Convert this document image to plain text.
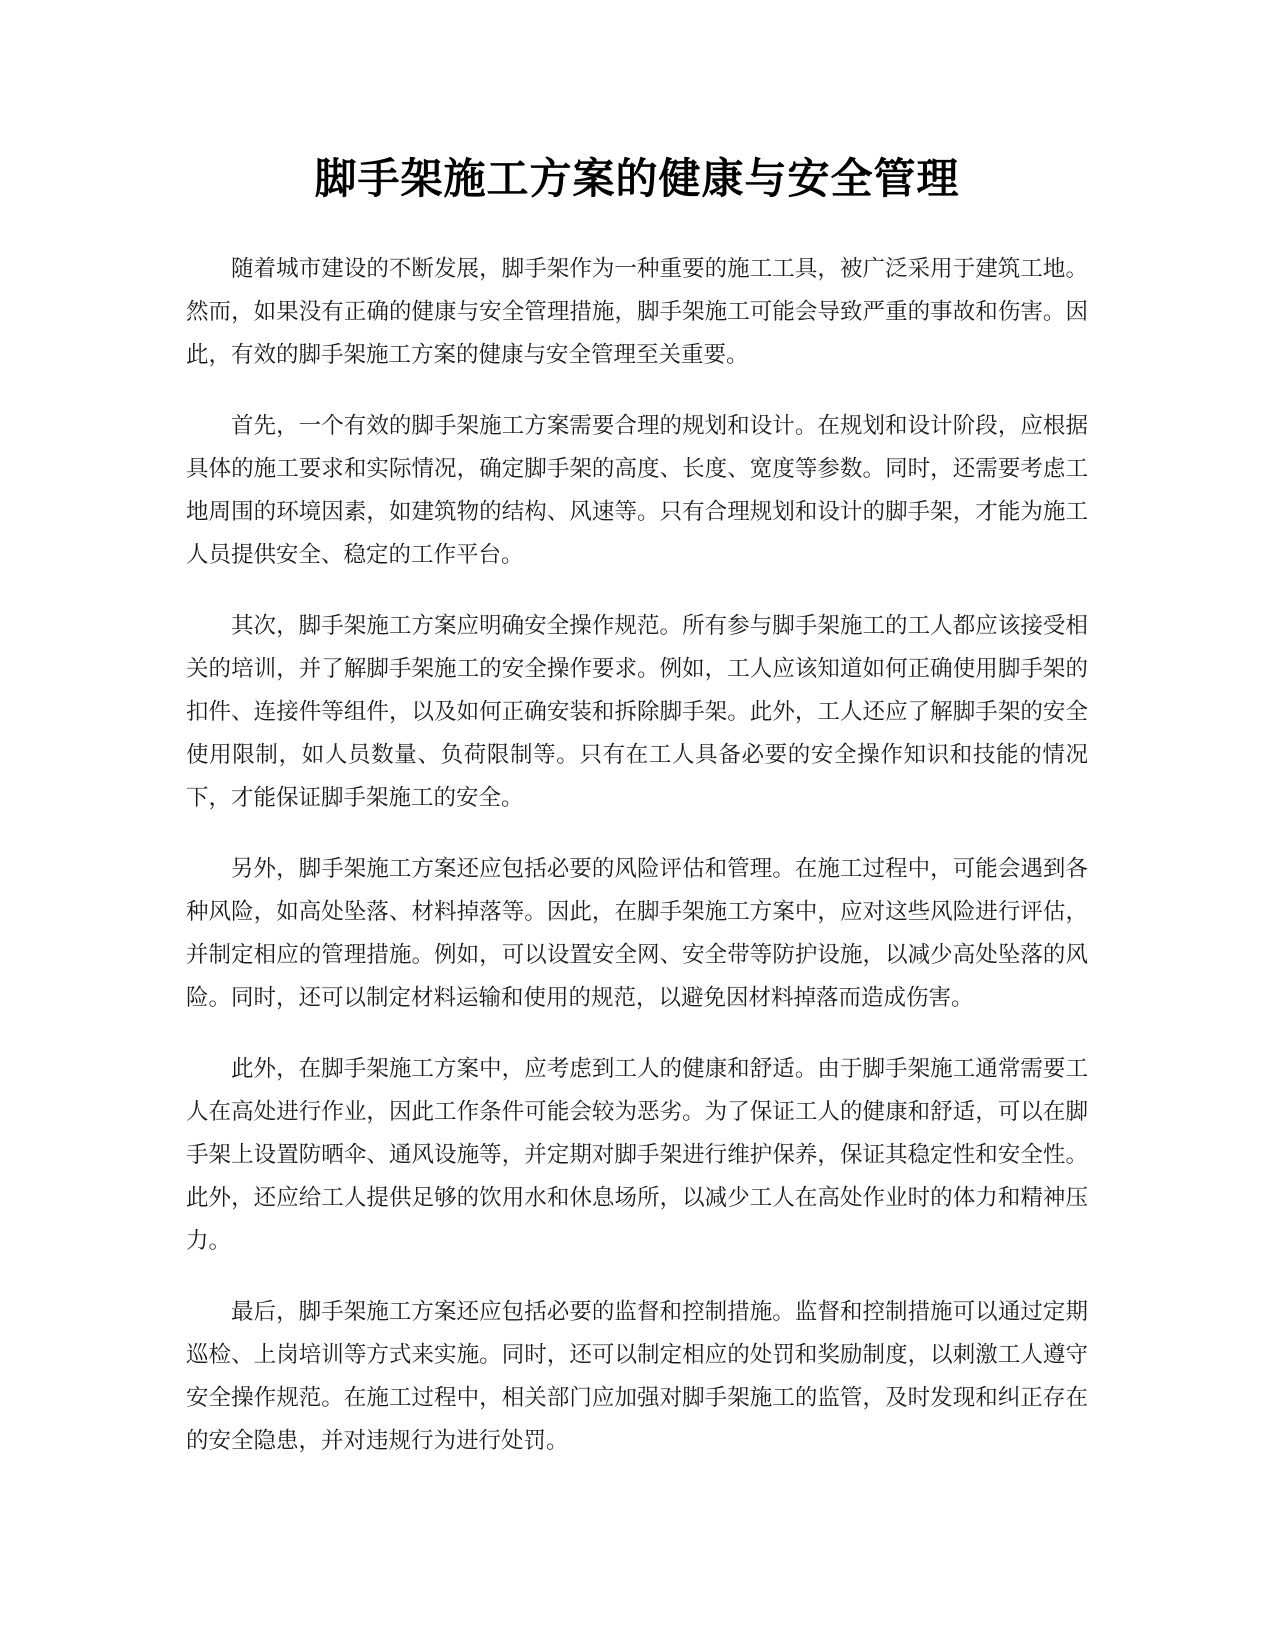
脚手架施工方案的健康与安全管理

随着城市建设的不断发展，脚手架作为一种重要的施工工具，被广泛采用于建筑工地。然而，如果没有正确的健康与安全管理措施，脚手架施工可能会导致严重的事故和伤害。因此，有效的脚手架施工方案的健康与安全管理至关重要。

首先，一个有效的脚手架施工方案需要合理的规划和设计。在规划和设计阶段，应根据具体的施工要求和实际情况，确定脚手架的高度、长度、宽度等参数。同时，还需要考虑工地周围的环境因素，如建筑物的结构、风速等。只有合理规划和设计的脚手架，才能为施工人员提供安全、稳定的工作平台。

其次，脚手架施工方案应明确安全操作规范。所有参与脚手架施工的工人都应该接受相关的培训，并了解脚手架施工的安全操作要求。例如，工人应该知道如何正确使用脚手架的扣件、连接件等组件，以及如何正确安装和拆除脚手架。此外，工人还应了解脚手架的安全使用限制，如人员数量、负荷限制等。只有在工人具备必要的安全操作知识和技能的情况下，才能保证脚手架施工的安全。

另外，脚手架施工方案还应包括必要的风险评估和管理。在施工过程中，可能会遇到各种风险，如高处坠落、材料掉落等。因此，在脚手架施工方案中，应对这些风险进行评估，并制定相应的管理措施。例如，可以设置安全网、安全带等防护设施，以减少高处坠落的风险。同时，还可以制定材料运输和使用的规范，以避免因材料掉落而造成伤害。

此外，在脚手架施工方案中，应考虑到工人的健康和舒适。由于脚手架施工通常需要工人在高处进行作业，因此工作条件可能会较为恶劣。为了保证工人的健康和舒适，可以在脚手架上设置防晒伞、通风设施等，并定期对脚手架进行维护保养，保证其稳定性和安全性。此外，还应给工人提供足够的饮用水和休息场所，以减少工人在高处作业时的体力和精神压力。

最后，脚手架施工方案还应包括必要的监督和控制措施。监督和控制措施可以通过定期巡检、上岗培训等方式来实施。同时，还可以制定相应的处罚和奖励制度，以刺激工人遵守安全操作规范。在施工过程中，相关部门应加强对脚手架施工的监管，及时发现和纠正存在的安全隐患，并对违规行为进行处罚。
